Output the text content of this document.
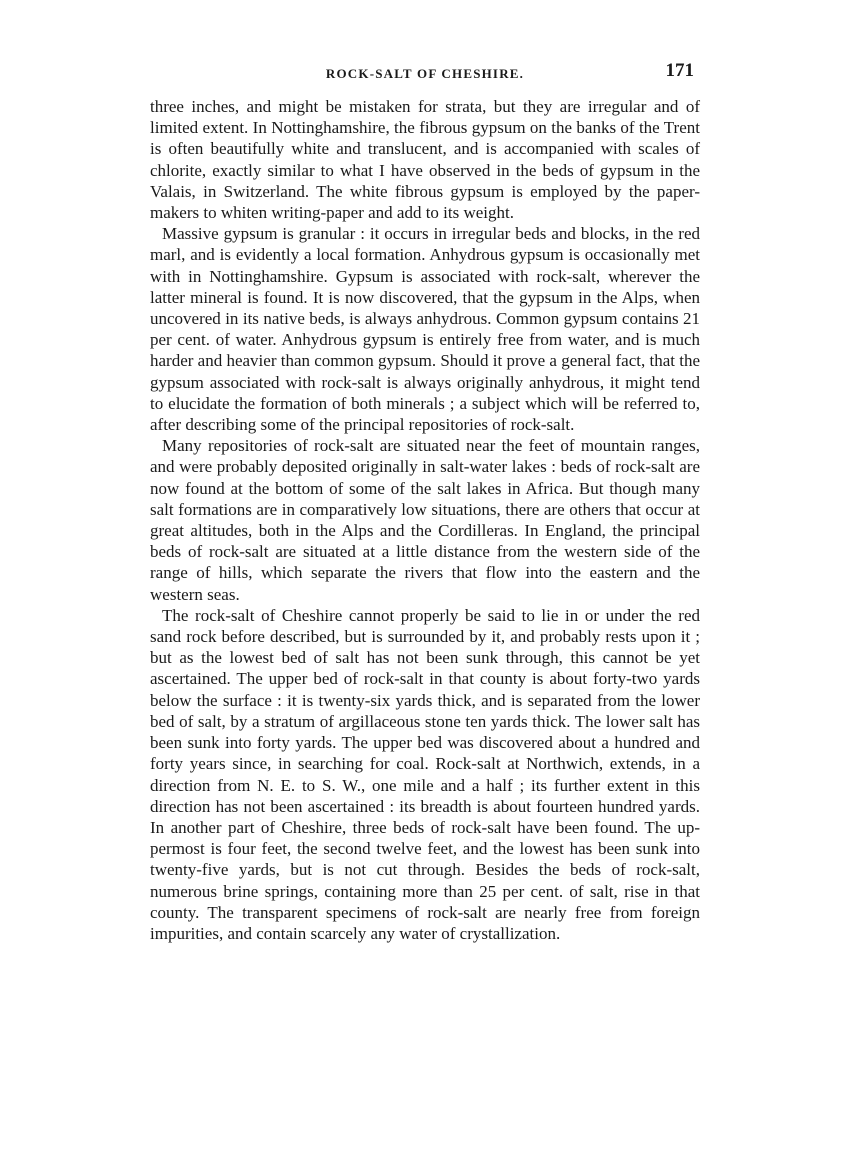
ROCK-SALT OF CHESHIRE.	171

three inches, and might be mistaken for strata, but they are irregular and of limited extent. In Nottinghamshire, the fibrous gypsum on the banks of the Trent is often beautifully white and translucent, and is accompanied with scales of chlorite, exactly similar to what I have observed in the beds of gypsum in the Valais, in Switzerland. The white fibrous gypsum is employed by the paper-makers to whiten writing-paper and add to its weight.

Massive gypsum is granular : it occurs in irregular beds and blocks, in the red marl, and is evidently a local formation. Anhydrous gypsum is occasionally met with in Nottinghamshire. Gypsum is associated with rock-salt, wherever the latter mineral is found. It is now discovered, that the gypsum in the Alps, when uncovered in its native beds, is always anhydrous. Common gypsum contains 21 per cent. of water. Anhydrous gypsum is entirely free from water, and is much harder and heavier than common gypsum. Should it prove a general fact, that the gypsum associated with rock-salt is always originally anhydrous, it might tend to elucidate the formation of both minerals ; a subject which will be referred to, after describing some of the principal repositories of rock-salt.

Many repositories of rock-salt are situated near the feet of mountain ranges, and were probably deposited originally in salt-water lakes : beds of rock-salt are now found at the bottom of some of the salt lakes in Africa. But though many salt formations are in comparatively low situations, there are others that occur at great altitudes, both in the Alps and the Cordilleras. In England, the principal beds of rock-salt are situated at a little distance from the western side of the range of hills, which separate the rivers that flow into the eastern and the western seas.

The rock-salt of Cheshire cannot properly be said to lie in or under the red sand rock before described, but is surrounded by it, and probably rests upon it ; but as the lowest bed of salt has not been sunk through, this cannot be yet ascertained. The upper bed of rock-salt in that county is about forty-two yards below the surface : it is twenty-six yards thick, and is separated from the lower bed of salt, by a stratum of argillaceous stone ten yards thick. The lower salt has been sunk into forty yards. The upper bed was discovered about a hundred and forty years since, in searching for coal. Rock-salt at Northwich, extends, in a direction from N. E. to S. W., one mile and a half ; its further extent in this direction has not been ascertained : its breadth is about fourteen hundred yards. In another part of Cheshire, three beds of rock-salt have been found. The uppermost is four feet, the second twelve feet, and the lowest has been sunk into twenty-five yards, but is not cut through. Besides the beds of rock-salt, numerous brine springs, containing more than 25 per cent. of salt, rise in that county. The transparent specimens of rock-salt are nearly free from foreign impurities, and contain scarcely any water of crystallization.
